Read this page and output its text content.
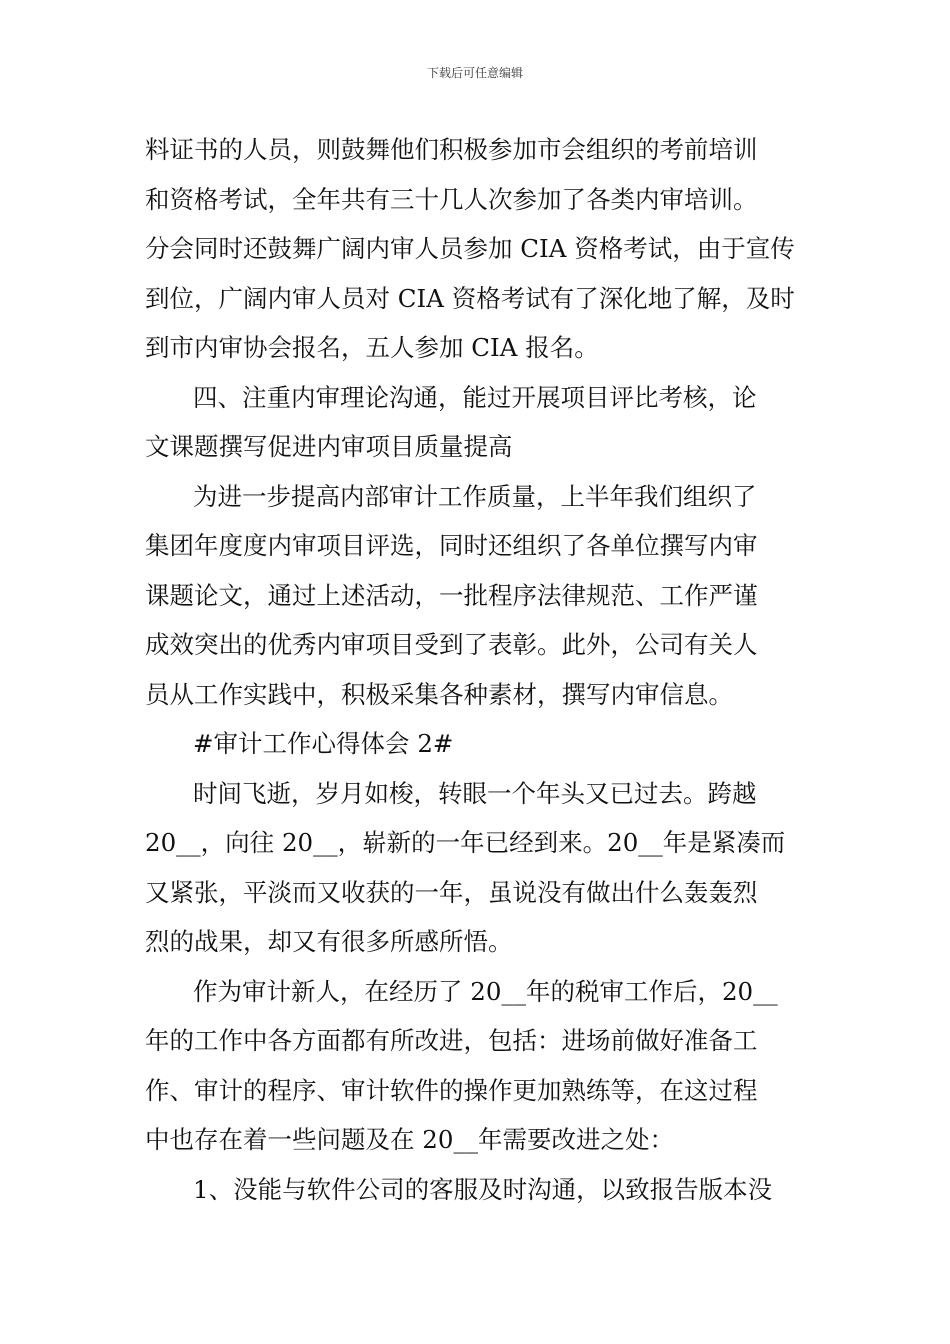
下载后可任意编辑
料证书的人员，则鼓舞他们积极参加市会组织的考前培训
和资格考试，全年共有三十几人次参加了各类内审培训。
分会同时还鼓舞广阔内审人员参加 CIA 资格考试，由于宣传
到位，广阔内审人员对 CIA 资格考试有了深化地了解，及时
到市内审协会报名，五人参加 CIA 报名。
四、注重内审理论沟通，能过开展项目评比考核，论
文课题撰写促进内审项目质量提高
为进一步提高内部审计工作质量，上半年我们组织了
集团年度度内审项目评选，同时还组织了各单位撰写内审
课题论文，通过上述活动，一批程序法律规范、工作严谨
成效突出的优秀内审项目受到了表彰。此外，公司有关人
员从工作实践中，积极采集各种素材，撰写内审信息。
#审计工作心得体会 2#
时间飞逝，岁月如梭，转眼一个年头又已过去。跨越
20__，向往 20__，崭新的一年已经到来。20__年是紧凑而
又紧张，平淡而又收获的一年，虽说没有做出什么轰轰烈
烈的战果，却又有很多所感所悟。
作为审计新人，在经历了 20__年的税审工作后，20__
年的工作中各方面都有所改进，包括：进场前做好准备工
作、审计的程序、审计软件的操作更加熟练等，在这过程
中也存在着一些问题及在 20__年需要改进之处：
1、没能与软件公司的客服及时沟通，以致报告版本没
